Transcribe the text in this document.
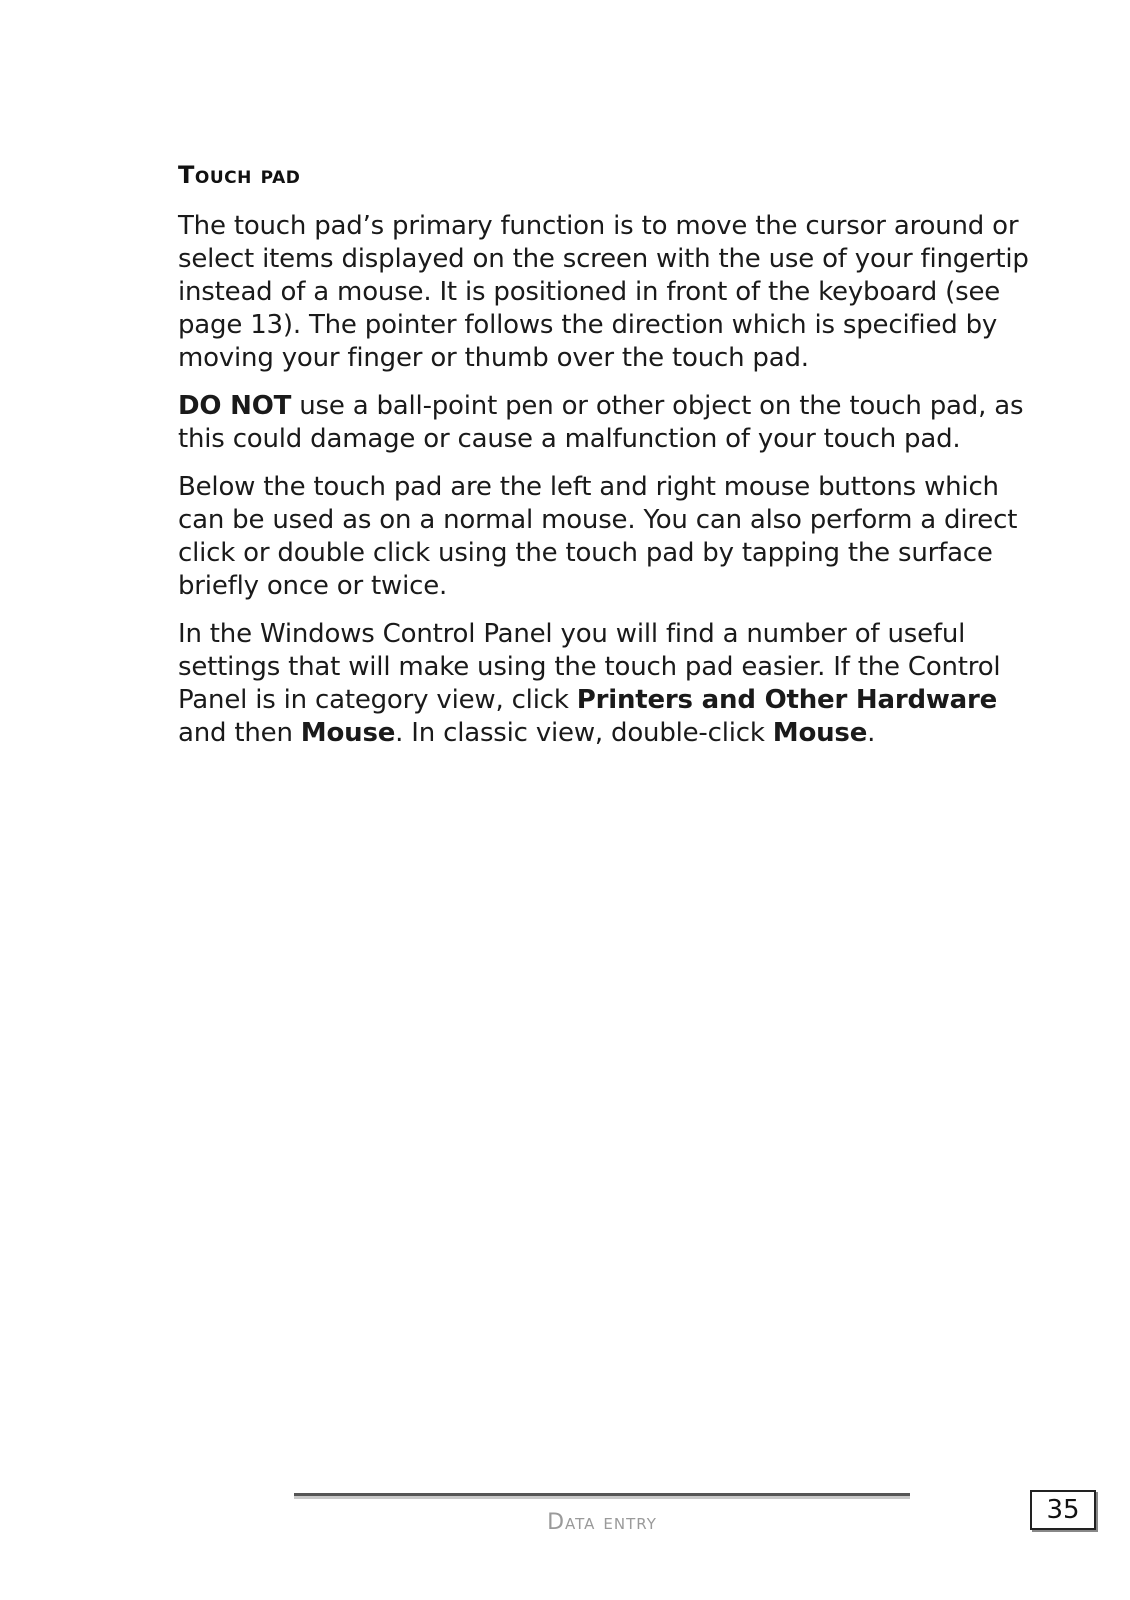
Touch pad

The touch pad’s primary function is to move the cursor around or select items displayed on the screen with the use of your fingertip instead of a mouse. It is positioned in front of the keyboard (see page 13). The pointer follows the direction which is specified by moving your finger or thumb over the touch pad.

DO NOT use a ball-point pen or other object on the touch pad, as this could damage or cause a malfunction of your touch pad.

Below the touch pad are the left and right mouse buttons which can be used as on a normal mouse. You can also perform a direct click or double click using the touch pad by tapping the surface briefly once or twice.

In the Windows Control Panel you will find a number of useful settings that will make using the touch pad easier. If the Control Panel is in category view, click Printers and Other Hardware and then Mouse. In classic view, double-click Mouse.

Data entry	35
